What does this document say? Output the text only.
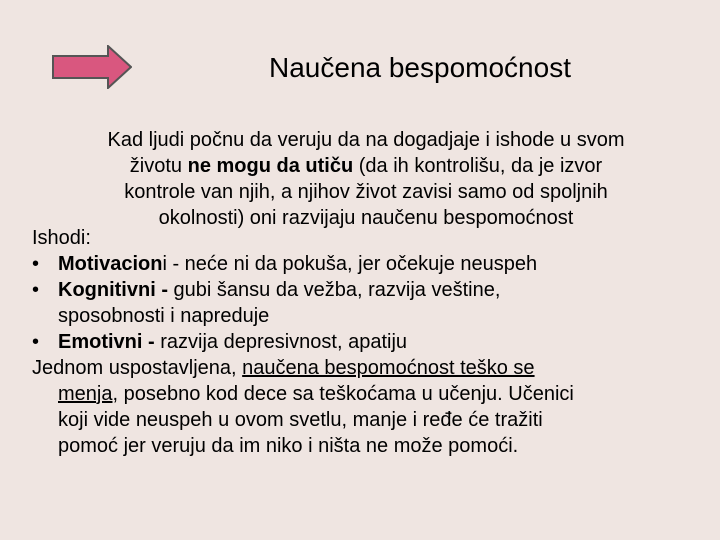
Naučena bespomoćnost
Kad ljudi počnu da veruju da na dogadjaje i ishode u svom
životu ne mogu da utiču (da ih kontrolišu, da je izvor
kontrole van njih, a njihov život zavisi samo od spoljnih
okolnosti) oni razvijaju naučenu bespomoćnost
Ishodi:
• Motivacioni - neće ni da pokuša, jer očekuje neuspeh
• Kognitivni - gubi šansu da vežba, razvija veštine,
sposobnosti i napreduje
• Emotivni - razvija depresivnost, apatiju
Jednom uspostavljena, naučena bespomoćnost teško se
menja, posebno kod dece sa teškoćama u učenju. Učenici
koji vide neuspeh u ovom svetlu, manje i ređe će tražiti
pomoć jer veruju da im niko i ništa ne može pomoći.
